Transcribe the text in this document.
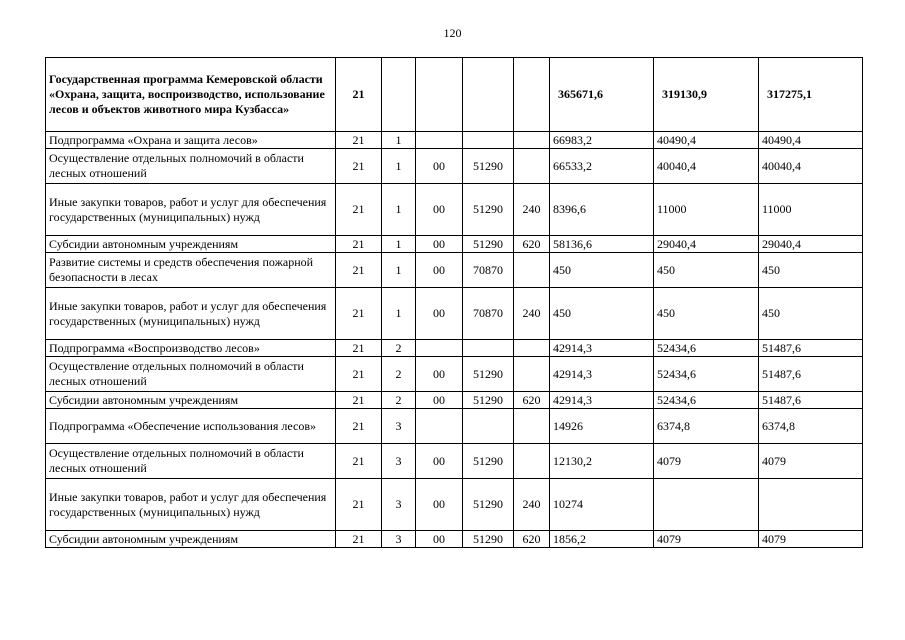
120
Государственная программа Кемеровской области «Охрана, защита, воспроизводство, использование лесов и объектов животного мира Кузбасса»	21					365671,6	319130,9	317275,1
Подпрограмма «Охрана и защита лесов»	21	1				66983,2	40490,4	40490,4
Осуществление отдельных полномочий в области лесных отношений	21	1	00	51290		66533,2	40040,4	40040,4
Иные закупки товаров, работ и услуг для обеспечения государственных (муниципальных) нужд	21	1	00	51290	240	8396,6	11000	11000
Субсидии автономным учреждениям	21	1	00	51290	620	58136,6	29040,4	29040,4
Развитие системы и средств обеспечения пожарной безопасности в лесах	21	1	00	70870		450	450	450
Иные закупки товаров, работ и услуг для обеспечения государственных (муниципальных) нужд	21	1	00	70870	240	450	450	450
Подпрограмма «Воспроизводство лесов»	21	2				42914,3	52434,6	51487,6
Осуществление отдельных полномочий в области лесных отношений	21	2	00	51290		42914,3	52434,6	51487,6
Субсидии автономным учреждениям	21	2	00	51290	620	42914,3	52434,6	51487,6
Подпрограмма «Обеспечение использования лесов»	21	3				14926	6374,8	6374,8
Осуществление отдельных полномочий в области лесных отношений	21	3	00	51290		12130,2	4079	4079
Иные закупки товаров, работ и услуг для обеспечения государственных (муниципальных) нужд	21	3	00	51290	240	10274		
Субсидии автономным учреждениям	21	3	00	51290	620	1856,2	4079	4079
